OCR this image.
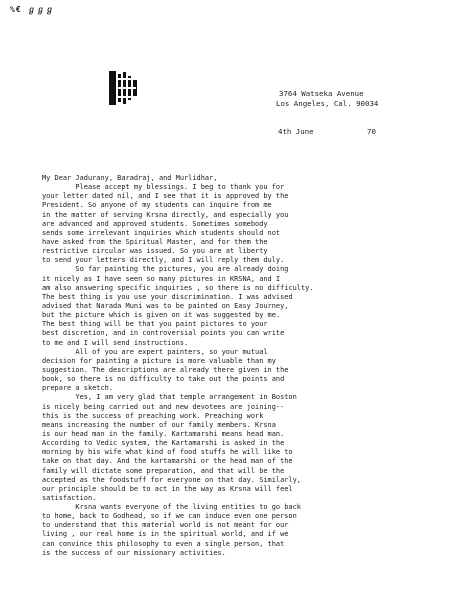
%€ ℊℊℊ
3764 Watseka Avenue
Los Angeles, Cal. 90034
4th June	70
My Dear Jadurany, Baradraj, and Murlidhar,
Please accept my blessings. I beg to thank you for
your letter dated nil, and I see that it is approved by the
President. So anyone of my students can inquire from me
in the matter of serving Krsna directly, and especially you
are advanced and approved students. Sometimes somebody
sends some irrelevant inquiries which students should not
have asked from the Spiritual Master, and for them the
restrictive circular was issued. So you are at liberty
to send your letters directly, and I will reply them duly.
So far painting the pictures, you are already doing
it nicely as I have seen so many pictures in KRSNA, and I
am also answering specific inquiries , so there is no difficulty.
The best thing is you use your discrimination. I was advised
advised that Narada Muni was to be painted on Easy Journey,
but the picture which is given on it was suggested by me.
The best thing will be that you paint pictures to your
best discretion, and in controversial points you can write
to me and I will send instructions.
All of you are expert painters, so your mutual
decision for painting a picture is more valuable than my
suggestion. The descriptions are already there given in the
book, so there is no difficulty to take out the points and
prepare a sketch.
Yes, I am very glad that temple arrangement in Boston
is nicely being carried out and new devotees are joining--
this is the success of preaching work. Preaching work
means increasing the number of our family members. Krsna
is our head man in the family. Kartamarshi means head man.
According to Vedic system, the Kartamarshi is asked in the
morning by his wife what kind of food stuffs he will like to
take on that day. And the kartamarshi or the head man of the
family will dictate some preparation, and that will be the
accepted as the foodstuff for everyone on that day. Similarly,
our principle should be to act in the way as Krsna will feel
satisfaction.
Krsna wants everyone of the living entities to go back
to home, back to Godhead, so if we can induce even one person
to understand that this material world is not meant for our
living , our real home is in the spiritual world, and if we
can convince this philosophy to even a single person, that
is the success of our missionary activities.
